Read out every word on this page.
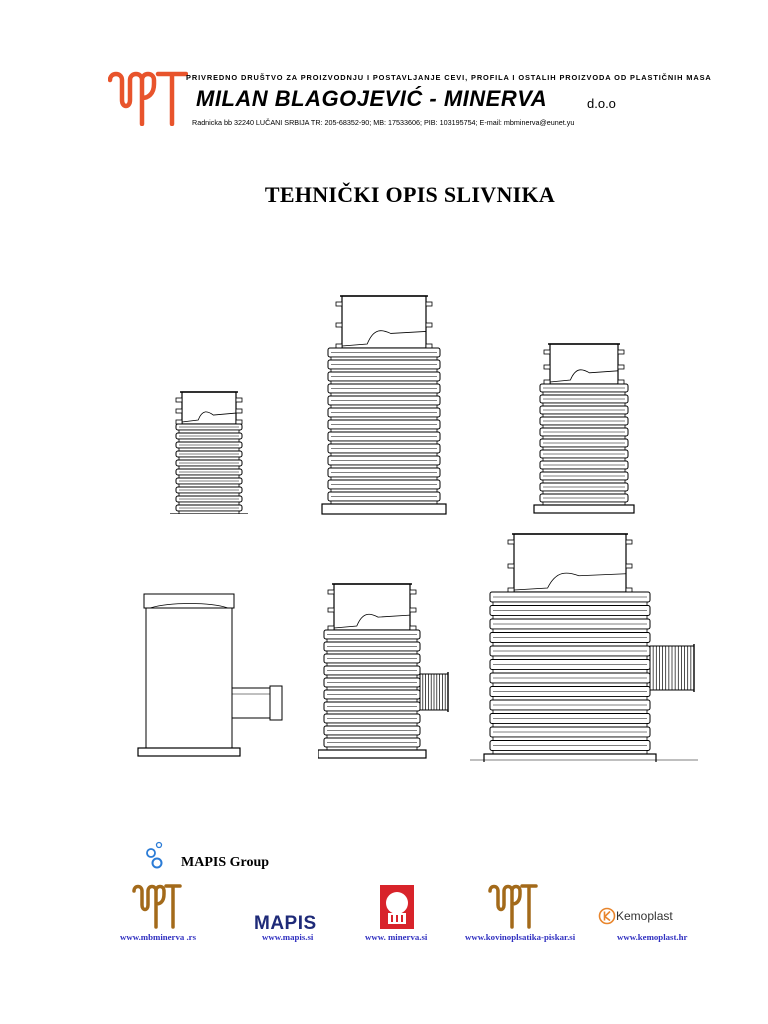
PRIVREDNO DRUŠTVO ZA PROIZVODNJU I POSTAVLJANJE CEVI, PROFILA I OSTALIH PROIZVODA OD PLASTIČNIH MASA
MILAN BLAGOJEVIĆ - MINERVA	d.o.o
Radnicka bb 32240 LUČANI SRBIJA TR: 205-68352-90; MB: 17533606; PIB: 103195754; E-mail: mbminerva@eunet.yu
TEHNIČKI OPIS SLIVNIKA
MAPIS Group
MAPIS	Kemoplast
www.mbminerva .rs	www.mapis.si	www. minerva.si	www.kovinoplsatika-piskar.si	www.kemoplast.hr
